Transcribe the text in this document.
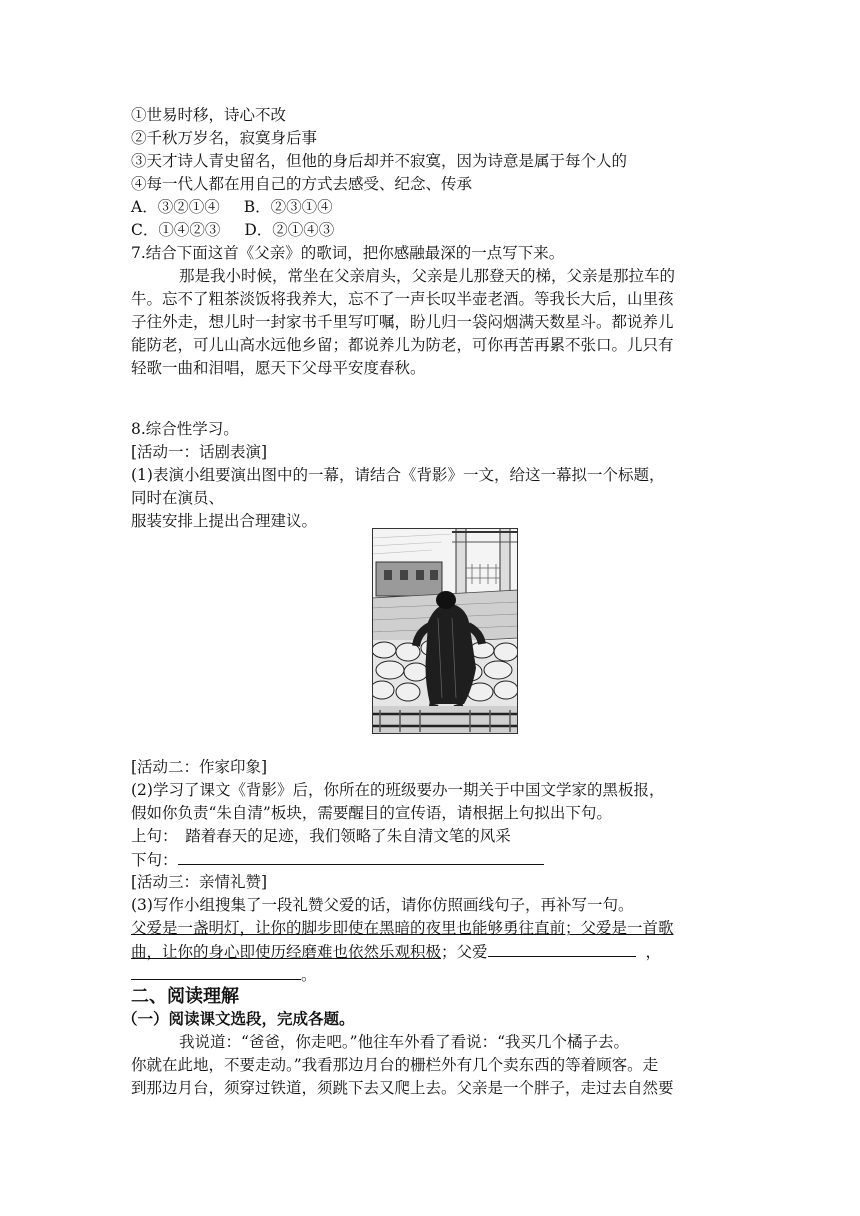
①世易时移，诗心不改
②千秋万岁名，寂寞身后事
③天才诗人青史留名，但他的身后却并不寂寞，因为诗意是属于每个人的
④每一代人都在用自己的方式去感受、纪念、传承
A．③②①④ B．②③①④
C．①④②③ D．②①④③
7.结合下面这首《父亲》的歌词，把你感融最深的一点写下来。
那是我小时候，常坐在父亲肩头，父亲是儿那登天的梯，父亲是那拉车的
牛。忘不了粗茶淡饭将我养大，忘不了一声长叹半壶老酒。等我长大后，山里孩
子往外走，想儿时一封家书千里写叮嘱，盼儿归一袋闷烟满天数星斗。都说养儿
能防老，可儿山高水远他乡留；都说养儿为防老，可你再苦再累不张口。儿只有
轻歌一曲和泪唱，愿天下父母平安度春秋。
8.综合性学习。
[活动一：话剧表演]
(1)表演小组要演出图中的一幕，请结合《背影》一文，给这一幕拟一个标题，
同时在演员、
服装安排上提出合理建议。
[活动二：作家印象]
(2)学习了课文《背影》后，你所在的班级要办一期关于中国文学家的黑板报，
假如你负责“朱自清”板块，需要醒目的宣传语，请根据上句拟出下句。
上句：　踏着春天的足迹，我们领略了朱自清文笔的风采
下句：
[活动三：亲情礼赞]
(3)写作小组搜集了一段礼赞父爱的话，请你仿照画线句子，再补写一句。
父爱是一盏明灯，让你的脚步即使在黑暗的夜里也能够勇往直前；父爱是一首歌
曲，让你的身心即使历经磨难也依然乐观积极；父爱	，
。
二、阅读理解
（一）阅读课文选段，完成各题。
我说道：“爸爸，你走吧。”他往车外看了看说：“我买几个橘子去。
你就在此地，不要走动。”我看那边月台的栅栏外有几个卖东西的等着顾客。走
到那边月台，须穿过铁道，须跳下去又爬上去。父亲是一个胖子，走过去自然要
